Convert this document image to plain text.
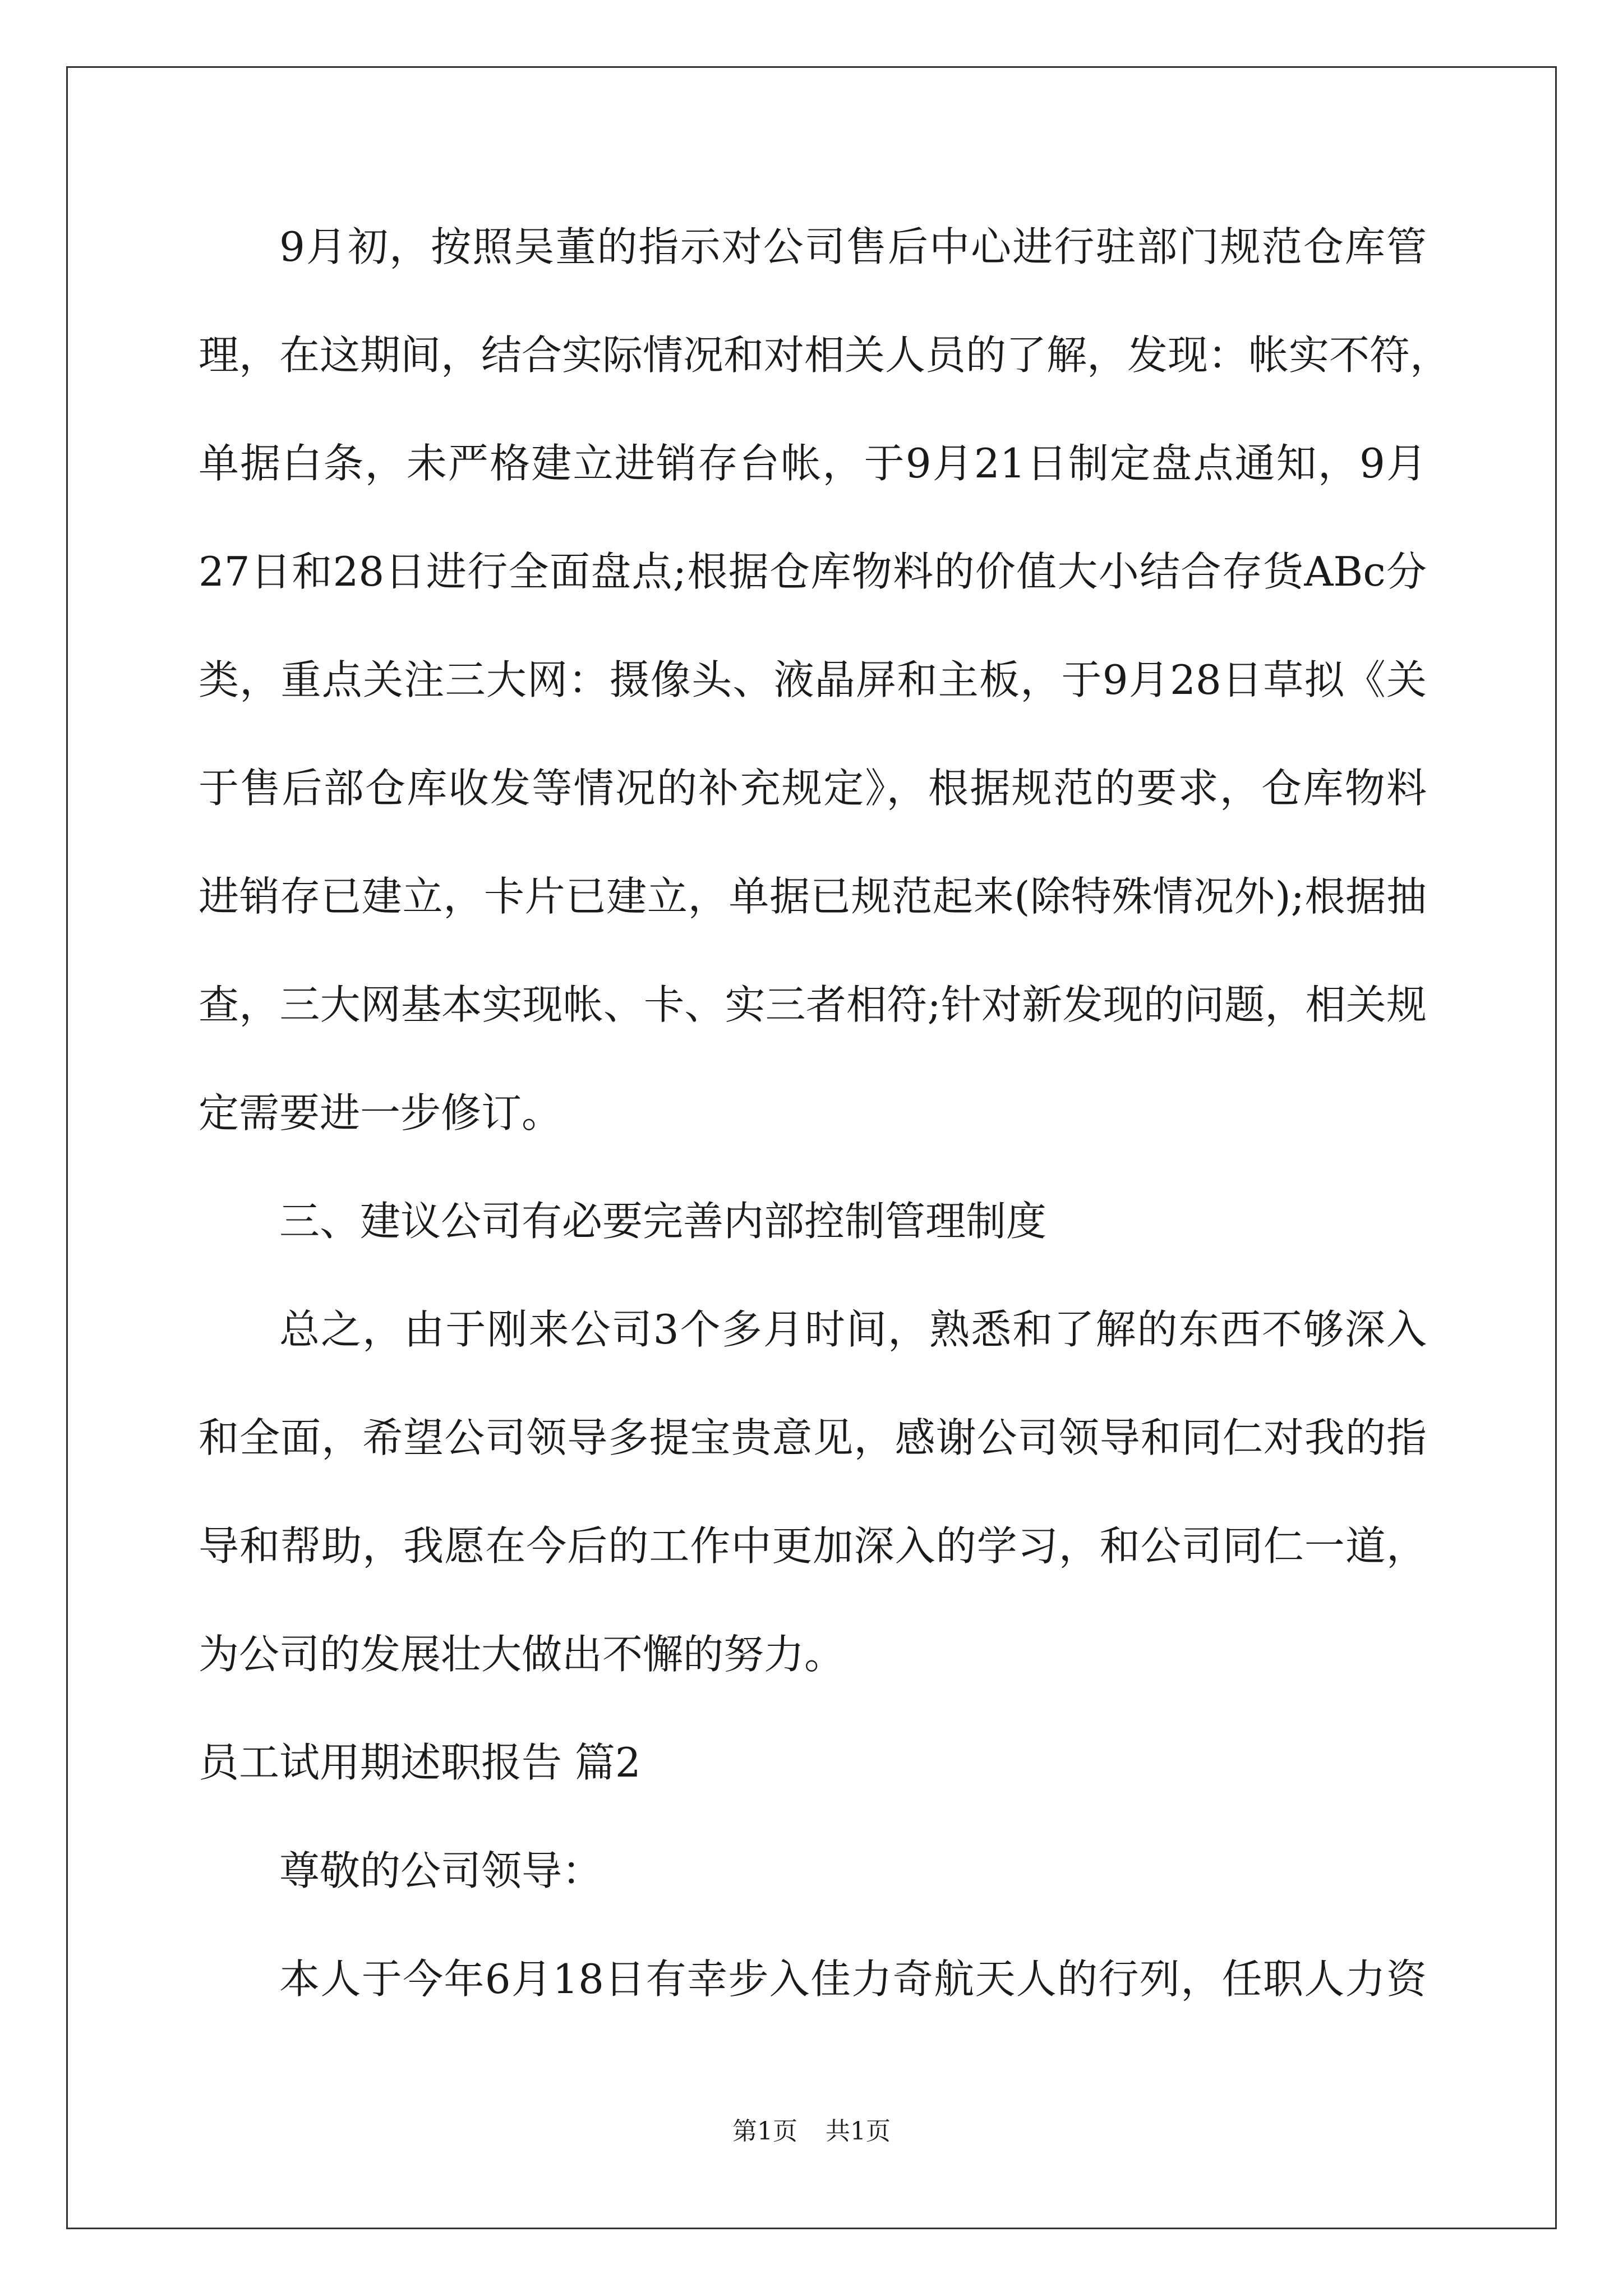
9月初，按照吴董的指示对公司售后中心进行驻部门规范仓库管
理，在这期间，结合实际情况和对相关人员的了解，发现：帐实不符，
单据白条，未严格建立进销存台帐，于9月21日制定盘点通知，9月
27日和28日进行全面盘点;根据仓库物料的价值大小结合存货ABc分
类，重点关注三大网：摄像头、液晶屏和主板，于9月28日草拟《关
于售后部仓库收发等情况的补充规定》，根据规范的要求，仓库物料
进销存已建立，卡片已建立，单据已规范起来(除特殊情况外);根据抽
查，三大网基本实现帐、卡、实三者相符;针对新发现的问题，相关规
定需要进一步修订。
三、建议公司有必要完善内部控制管理制度
总之，由于刚来公司3个多月时间，熟悉和了解的东西不够深入
和全面，希望公司领导多提宝贵意见，感谢公司领导和同仁对我的指
导和帮助，我愿在今后的工作中更加深入的学习，和公司同仁一道，
为公司的发展壮大做出不懈的努力。
员工试用期述职报告 篇2
尊敬的公司领导：
本人于今年6月18日有幸步入佳力奇航天人的行列，任职人力资
第1页 共1页
